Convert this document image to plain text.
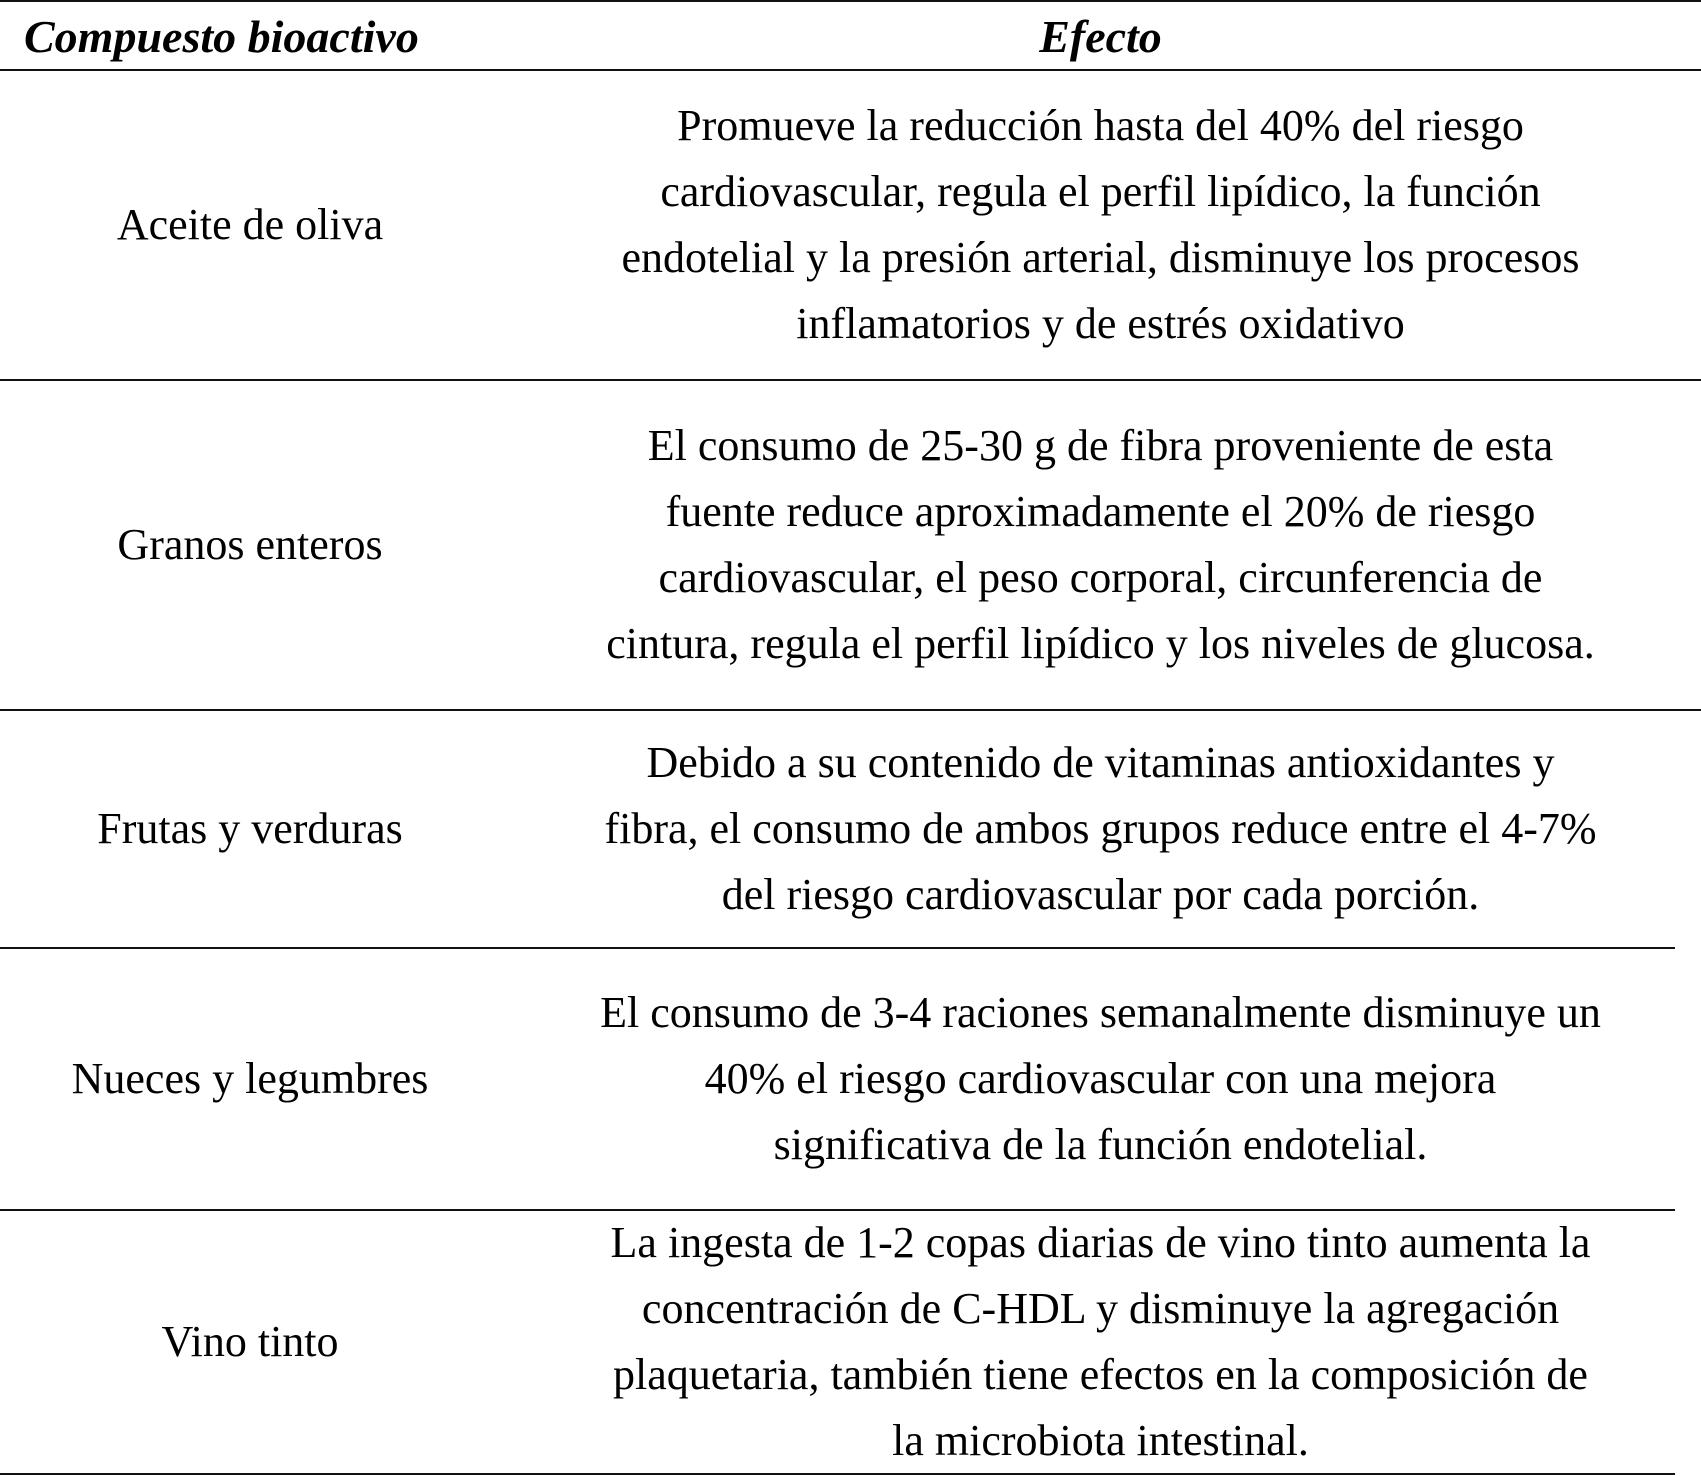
Compuesto bioactivo	Efecto
Aceite de oliva
Promueve la reducción hasta del 40% del riesgo
cardiovascular, regula el perfil lipídico, la función
endotelial y la presión arterial, disminuye los procesos
inflamatorios y de estrés oxidativo
Granos enteros
El consumo de 25-30 g de fibra proveniente de esta
fuente reduce aproximadamente el 20% de riesgo
cardiovascular, el peso corporal, circunferencia de
cintura, regula el perfil lipídico y los niveles de glucosa.
Frutas y verduras
Debido a su contenido de vitaminas antioxidantes y
fibra, el consumo de ambos grupos reduce entre el 4-7%
del riesgo cardiovascular por cada porción.
Nueces y legumbres
El consumo de 3-4 raciones semanalmente disminuye un
40% el riesgo cardiovascular con una mejora
significativa de la función endotelial.
Vino tinto
La ingesta de 1-2 copas diarias de vino tinto aumenta la
concentración de C-HDL y disminuye la agregación
plaquetaria, también tiene efectos en la composición de
la microbiota intestinal.
